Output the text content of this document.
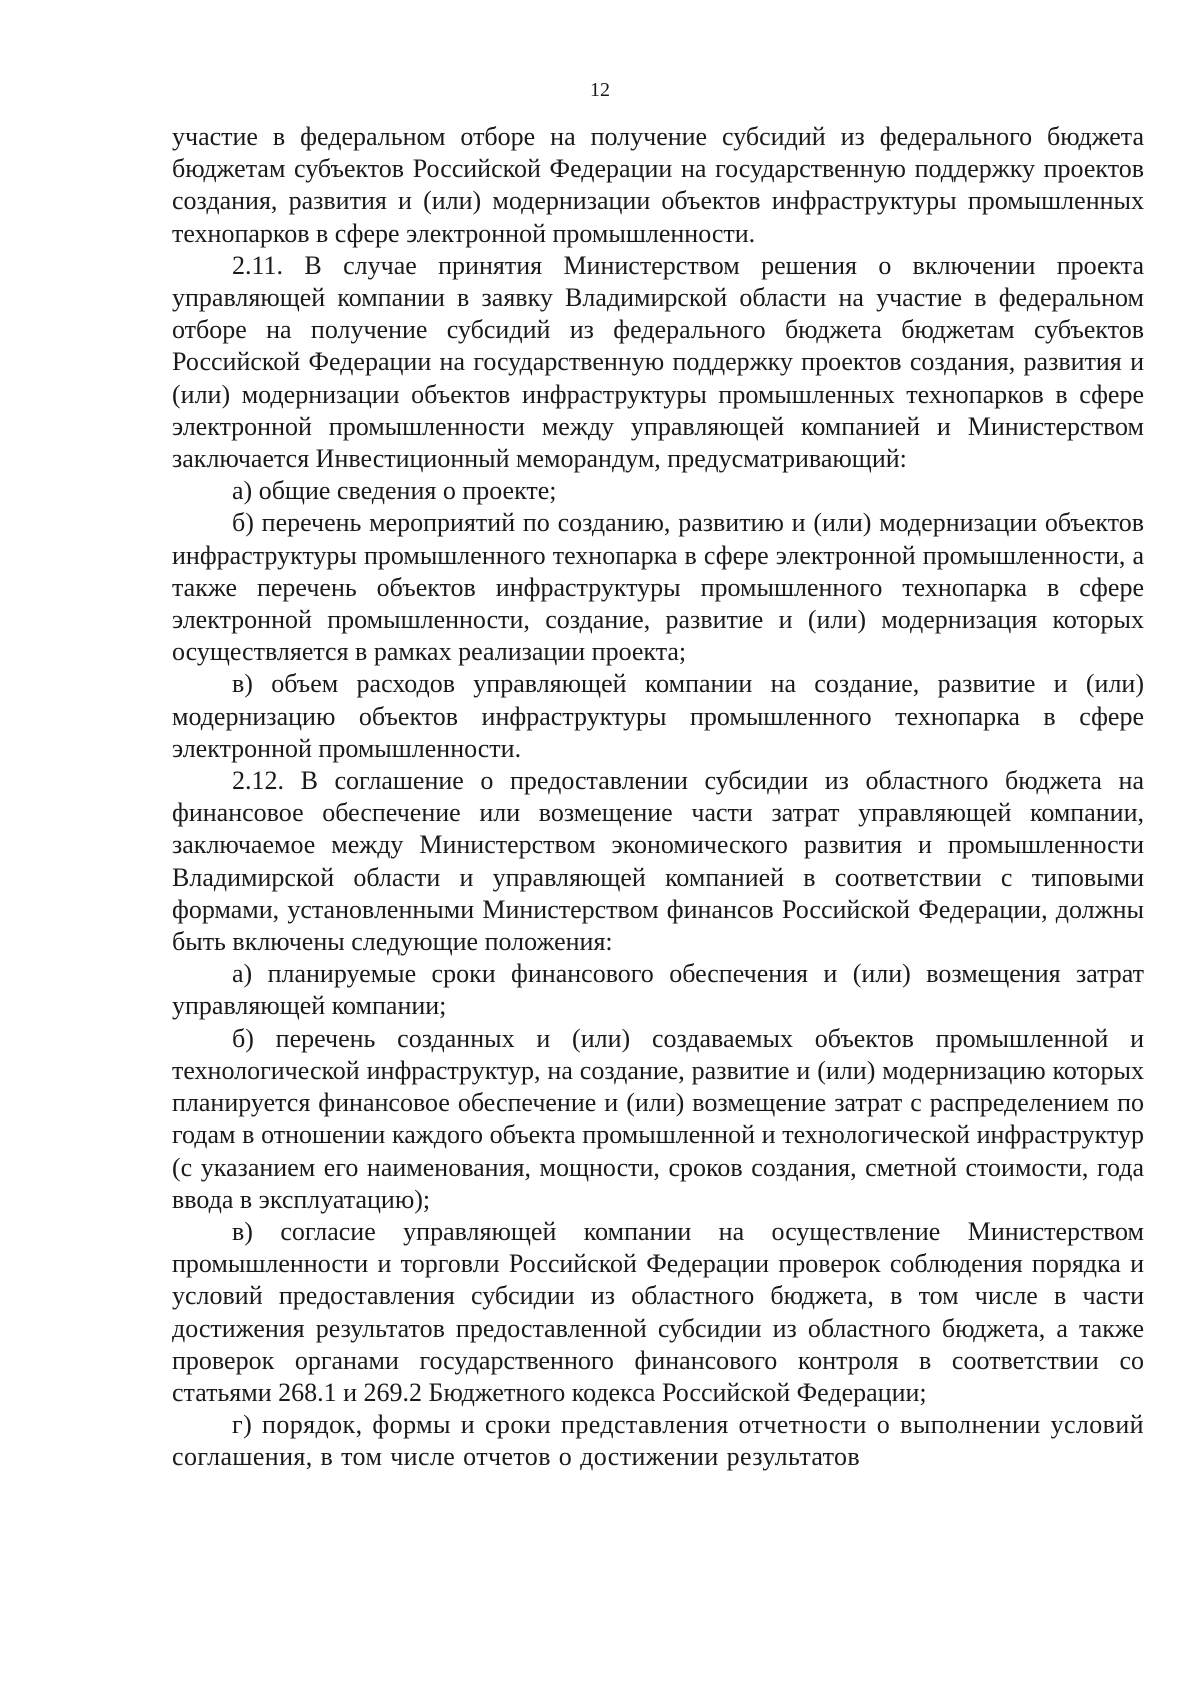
12

участие в федеральном отборе на получение субсидий из федерального бюджета бюджетам субъектов Российской Федерации на государственную поддержку проектов создания, развития и (или) модернизации объектов инфраструктуры промышленных технопарков в сфере электронной промышленности.

2.11. В случае принятия Министерством решения о включении проекта управляющей компании в заявку Владимирской области на участие в федеральном отборе на получение субсидий из федерального бюджета бюджетам субъектов Российской Федерации на государственную поддержку проектов создания, развития и (или) модернизации объектов инфраструктуры промышленных технопарков в сфере электронной промышленности между управляющей компанией и Министерством заключается Инвестиционный меморандум, предусматривающий:

а) общие сведения о проекте;

б) перечень мероприятий по созданию, развитию и (или) модернизации объектов инфраструктуры промышленного технопарка в сфере электронной промышленности, а также перечень объектов инфраструктуры промышленного технопарка в сфере электронной промышленности, создание, развитие и (или) модернизация которых осуществляется в рамках реализации проекта;

в) объем расходов управляющей компании на создание, развитие и (или) модернизацию объектов инфраструктуры промышленного технопарка в сфере электронной промышленности.

2.12. В соглашение о предоставлении субсидии из областного бюджета на финансовое обеспечение или возмещение части затрат управляющей компании, заключаемое между Министерством экономического развития и промышленности Владимирской области и управляющей компанией в соответствии с типовыми формами, установленными Министерством финансов Российской Федерации, должны быть включены следующие положения:

а) планируемые сроки финансового обеспечения и (или) возмещения затрат управляющей компании;

б) перечень созданных и (или) создаваемых объектов промышленной и технологической инфраструктур, на создание, развитие и (или) модернизацию которых планируется финансовое обеспечение и (или) возмещение затрат с распределением по годам в отношении каждого объекта промышленной и технологической инфраструктур (с указанием его наименования, мощности, сроков создания, сметной стоимости, года ввода в эксплуатацию);

в) согласие управляющей компании на осуществление Министерством промышленности и торговли Российской Федерации проверок соблюдения порядка и условий предоставления субсидии из областного бюджета, в том числе в части достижения результатов предоставленной субсидии из областного бюджета, а также проверок органами государственного финансового контроля в соответствии со статьями 268.1 и 269.2 Бюджетного кодекса Российской Федерации;

г) порядок, формы и сроки представления отчетности о выполнении условий соглашения, в том числе отчетов о достижении результатов
